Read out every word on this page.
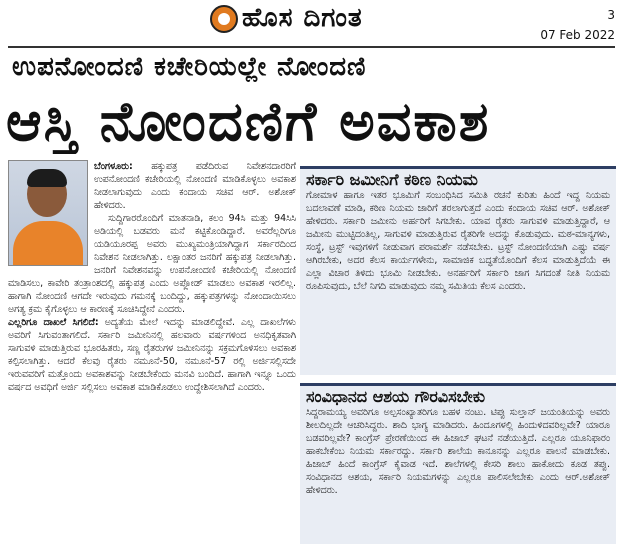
ಹೊಸ ದಿಗಂತ	3
07 Feb 2022
ಉಪನೋಂದಣಿ ಕಚೇರಿಯಲ್ಲೇ ನೋಂದಣಿ
ಆಸ್ತಿ ನೋಂದಣಿಗೆ ಅವಕಾಶ

ಬೆಂಗಳೂರು: ಹಕ್ಕುಪತ್ರ ಪಡೆದಿರುವ ನಿವೇಶನದಾರರಿಗೆ ಉಪನೋಂದಣಿ ಕಚೇರಿಯಲ್ಲಿ ನೋಂದಣಿ ಮಾಡಿಕೊಳ್ಳಲು ಅವಕಾಶ ನೀಡಲಾಗುವುದು ಎಂದು ಕಂದಾಯ ಸಚಿವ ಆರ್. ಅಶೋಕ್ ಹೇಳಿದರು.

ಸುದ್ದಿಗಾರರೊಂದಿಗೆ ಮಾತನಾಡಿ, ಕಲಂ 94ಸಿ ಮತ್ತು 94ಸಿಸಿ ಅಡಿಯಲ್ಲಿ ಬಡವರು ಮನೆ ಕಟ್ಟಿಕೊಂಡಿದ್ದಾರೆ. ಅವರೆಲ್ಲರಿಗೂ ಯಡಿಯೂರಪ್ಪ ಅವರು ಮುಖ್ಯಮಂತ್ರಿಯಾಗಿದ್ದಾಗ ಸರ್ಕಾರದಿಂದ ನಿವೇಶನ ನೀಡಲಾಗಿತ್ತು. ಲಕ್ಷಾಂತರ ಜನರಿಗೆ ಹಕ್ಕುಪತ್ರ ನೀಡಲಾಗಿತ್ತು. ಜನರಿಗೆ ನಿವೇಶನವನ್ನು ಉಪನೋಂದಣಿ ಕಚೇರಿಯಲ್ಲಿ ನೋಂದಣಿ ಮಾಡಿಸಲು, ಕಾವೇರಿ ತಂತ್ರಾಂಶದಲ್ಲಿ ಹಕ್ಕುಪತ್ರ ಎಂದು ಅಪ್ಲೋಡ್ ಮಾಡಲು ಅವಕಾಶ ಇರಲಿಲ್ಲ. ಹಾಗಾಗಿ ನೋಂದಣಿ ಆಗದೇ ಇರುವುದು ಗಮನಕ್ಕೆ ಬಂದಿದ್ದು, ಹಕ್ಕುಪತ್ರಗಳನ್ನು ನೋಂದಾಯಿಸಲು ಅಗತ್ಯ ಕ್ರಮ ಕೈಗೊಳ್ಳಲು ಆ ಕಾರಣಕ್ಕೆ ಸೂಚಿಸಿದ್ದೇನೆ ಎಂದರು.

ಎಲ್ಲರಿಗೂ ದಾಖಲೆ ಸಿಗಲಿದೆ: ಅದ್ಯತೆಯ ಮೇಲೆ ಇದನ್ನು ಮಾಡಲಿದ್ದೇವೆ. ಎಲ್ಲ ದಾಖಲೆಗಳು ಅವರಿಗೆ ಸಿಗುವಂತಾಗಲಿದೆ. ಸರ್ಕಾರಿ ಜಮೀನಿನಲ್ಲಿ ಹಲವಾರು ವರ್ಷಗಳಿಂದ ಅನಧಿಕೃತವಾಗಿ ಸಾಗುವಳಿ ಮಾಡುತ್ತಿರುವ ಭೂರಹಿತರು, ಸಣ್ಣ ರೈತರುಗಳ ಜಮೀನಿನನ್ನು ಸಕ್ರಮಗೊಳಿಸಲು ಅವಕಾಶ ಕಲ್ಪಿಸಲಾಗಿತ್ತು. ಆದರೆ ಕೆಲವು ರೈತರು ನಮೂನೆ-50, ನಮೂನೆ-57 ರಲ್ಲಿ ಅರ್ಜಿಸಲ್ಲಿಸದೇ ಇರುವವರಿಗೆ ಮತ್ತೊಂದು ಅವಕಾಶವನ್ನು ನೀಡಬೇಕೆಂದು ಮನವಿ ಬಂದಿದೆ. ಹಾಗಾಗಿ ಇನ್ನೂ ಒಂದು ವರ್ಷದ ಅವಧಿಗೆ ಅರ್ಜಿ ಸಲ್ಲಿಸಲು ಅವಕಾಶ ಮಾಡಿಕೊಡಲು ಉದ್ದೇಶಿಸಲಾಗಿದೆ ಎಂದರು.

ಸರ್ಕಾರಿ ಜಮೀನಿಗೆ ಕಠಿಣ ನಿಯಮ
ಗೋಮಾಳ ಹಾಗೂ ಇತರ ಭೂಮಿಗೆ ಸಂಬಂಧಿಸಿದ ಸಮಿತಿ ರಚನೆ ಕುರಿತು ಹಿಂದೆ ಇದ್ದ ನಿಯಮ ಬದಲಾವಣೆ ಮಾಡಿ, ಕಠಿಣ ನಿಯಮ ಜಾರಿಗೆ ತರಲಾಗುತ್ತದೆ ಎಂದು ಕಂದಾಯ ಸಚಿವ ಆರ್. ಅಶೋಕ್ ಹೇಳಿದರು. ಸರ್ಕಾರಿ ಜಮೀನು ಅರ್ಹರಿಗೆ ಸಿಗಬೇಕು. ಯಾವ ರೈತರು ಸಾಗುವಳಿ ಮಾಡುತ್ತಿದ್ದಾರೆ, ಆ ಜಮೀನು ಮುಟ್ಟಿದಂತಿಲ್ಲ, ಸಾಗುವಳಿ ಮಾಡುತ್ತಿರುವ ರೈತರಿಗೇ ಅದನ್ನು ಕೊಡುವುದು. ಮಠ-ಮಾನ್ಯಗಳು, ಸಂಸ್ಥೆ, ಟ್ರಸ್ಟ್ ಇವುಗಳಿಗೆ ನೀಡುವಾಗ ಪರಾಮರ್ಶೆ ನಡೆಸಬೇಕು. ಟ್ರಸ್ಟ್ ನೋಂದಣಿಯಾಗಿ ಎಷ್ಟು ವರ್ಷ ಆಗಿರಬೇಕು, ಅದರ ಕೆಲಸ ಕಾರ್ಯಗಳೇನು, ಸಾಮಾಜಿಕ ಬದ್ಧತೆಯೊಂದಿಗೆ ಕೆಲಸ ಮಾಡುತ್ತಿದೆಯೆ ಈ ಎಲ್ಲಾ ವಿಚಾರ ತಿಳಿದು ಭೂಮಿ ನೀಡಬೇಕು. ಅನರ್ಹರಿಗೆ ಸರ್ಕಾರಿ ಜಾಗ ಸಿಗದಂತೆ ನೀತಿ ನಿಯಮ ರೂಪಿಸುವುದು, ಬೆಲೆ ನಿಗದಿ ಮಾಡುವುದು ನಮ್ಮ ಸಮಿತಿಯ ಕೆಲಸ ಎಂದರು.
ಸಂವಿಧಾನದ ಆಶಯ ಗೌರವಿಸಬೇಕು
ಸಿದ್ದರಾಮಯ್ಯ ಅವರಿಗೂ ಅಲ್ಪಸಂಖ್ಯಾತರಿಗೂ ಬಹಳ ನಂಟು. ಟಿಪ್ಪು ಸುಲ್ತಾನ್ ಜಯಂತಿಯನ್ನು ಅವರು ಶೀಲದಿಲ್ಲದೇ ಆಚರಿಸಿದ್ದರು. ಶಾದಿ ಭಾಗ್ಯ ಮಾಡಿದರು. ಹಿಂದೂಗಳಲ್ಲಿ ಹಿಂದುಳಿದವರಿಲ್ಲವೇ? ಯಾರೂ ಬಡವರಿಲ್ಲವೇ? ಕಾಂಗ್ರೆಸ್ ಪ್ರೇರಣೆಯಿಂದ ಈ ಹಿಜಾಬ್ ಘಟನೆ ನಡೆಯುತ್ತಿದೆ. ಎಲ್ಲರೂ ಯೂನಿಫಾರಂ ಹಾಕಬೇಕೆಂಬ ನಿಯಮ ಸರ್ಕಾರದ್ದು. ಸರ್ಕಾರಿ ಶಾಲೆಯ ಕಾನೂನನ್ನು ಎಲ್ಲರೂ ಪಾಲನೆ ಮಾಡಬೇಕು. ಹಿಜಾಬ್ ಹಿಂದೆ ಕಾಂಗ್ರೆಸ್ ಕೈವಾಡ ಇದೆ. ಶಾಲೆಗಳಲ್ಲಿ ಕೇಸರಿ ಶಾಲು ಹಾಕೋದು ಕೂಡ ತಪ್ಪು. ಸಂವಿಧಾನದ ಆಶಯ, ಸರ್ಕಾರಿ ನಿಯಮಗಳನ್ನು ಎಲ್ಲರೂ ಪಾಲಿಸಲೇಬೇಕು ಎಂದು ಆರ್.ಅಶೋಕ್ ಹೇಳಿದರು.
